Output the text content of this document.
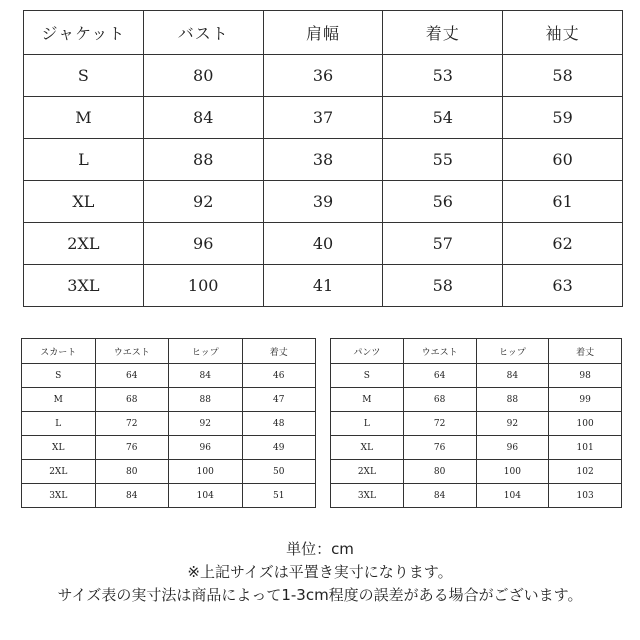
ジャケット	バスト	肩幅	着丈	袖丈
S	80	36	53	58
M	84	37	54	59
L	88	38	55	60
XL	92	39	56	61
2XL	96	40	57	62
3XL	100	41	58	63
スカート	ウエスト	ヒップ	着丈
S	64	84	46
M	68	88	47
L	72	92	48
XL	76	96	49
2XL	80	100	50
3XL	84	104	51
パンツ	ウエスト	ヒップ	着丈
S	64	84	98
M	68	88	99
L	72	92	100
XL	76	96	101
2XL	80	100	102
3XL	84	104	103
単位：cm
※上記サイズは平置き実寸になります。
サイズ表の実寸法は商品によって1-3cm程度の誤差がある場合がございます。
